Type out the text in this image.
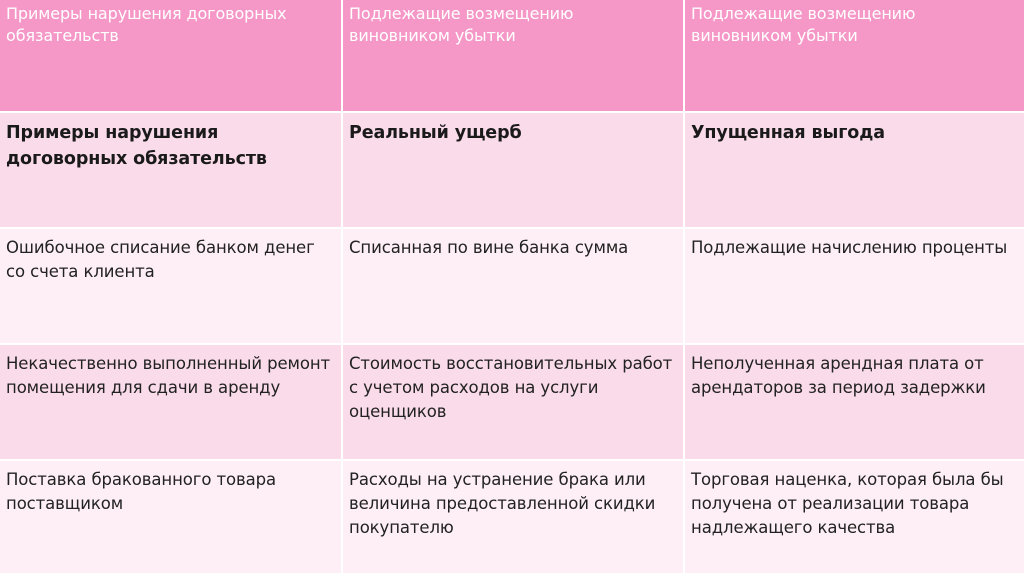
Примеры нарушения договорных обязательств	Подлежащие возмещению виновником убытки	Подлежащие возмещению виновником убытки
Примеры нарушения договорных обязательств	Реальный ущерб	Упущенная выгода
Ошибочное списание банком денег со счета клиента	Списанная по вине банка сумма	Подлежащие начислению проценты
Некачественно выполненный ремонт помещения для сдачи в аренду	Стоимость восстановительных работ с учетом расходов на услуги оценщиков	Неполученная арендная плата от арендаторов за период задержки
Поставка бракованного товара поставщиком	Расходы на устранение брака или величина предоставленной скидки покупателю	Торговая наценка, которая была бы получена от реализации товара надлежащего качества
